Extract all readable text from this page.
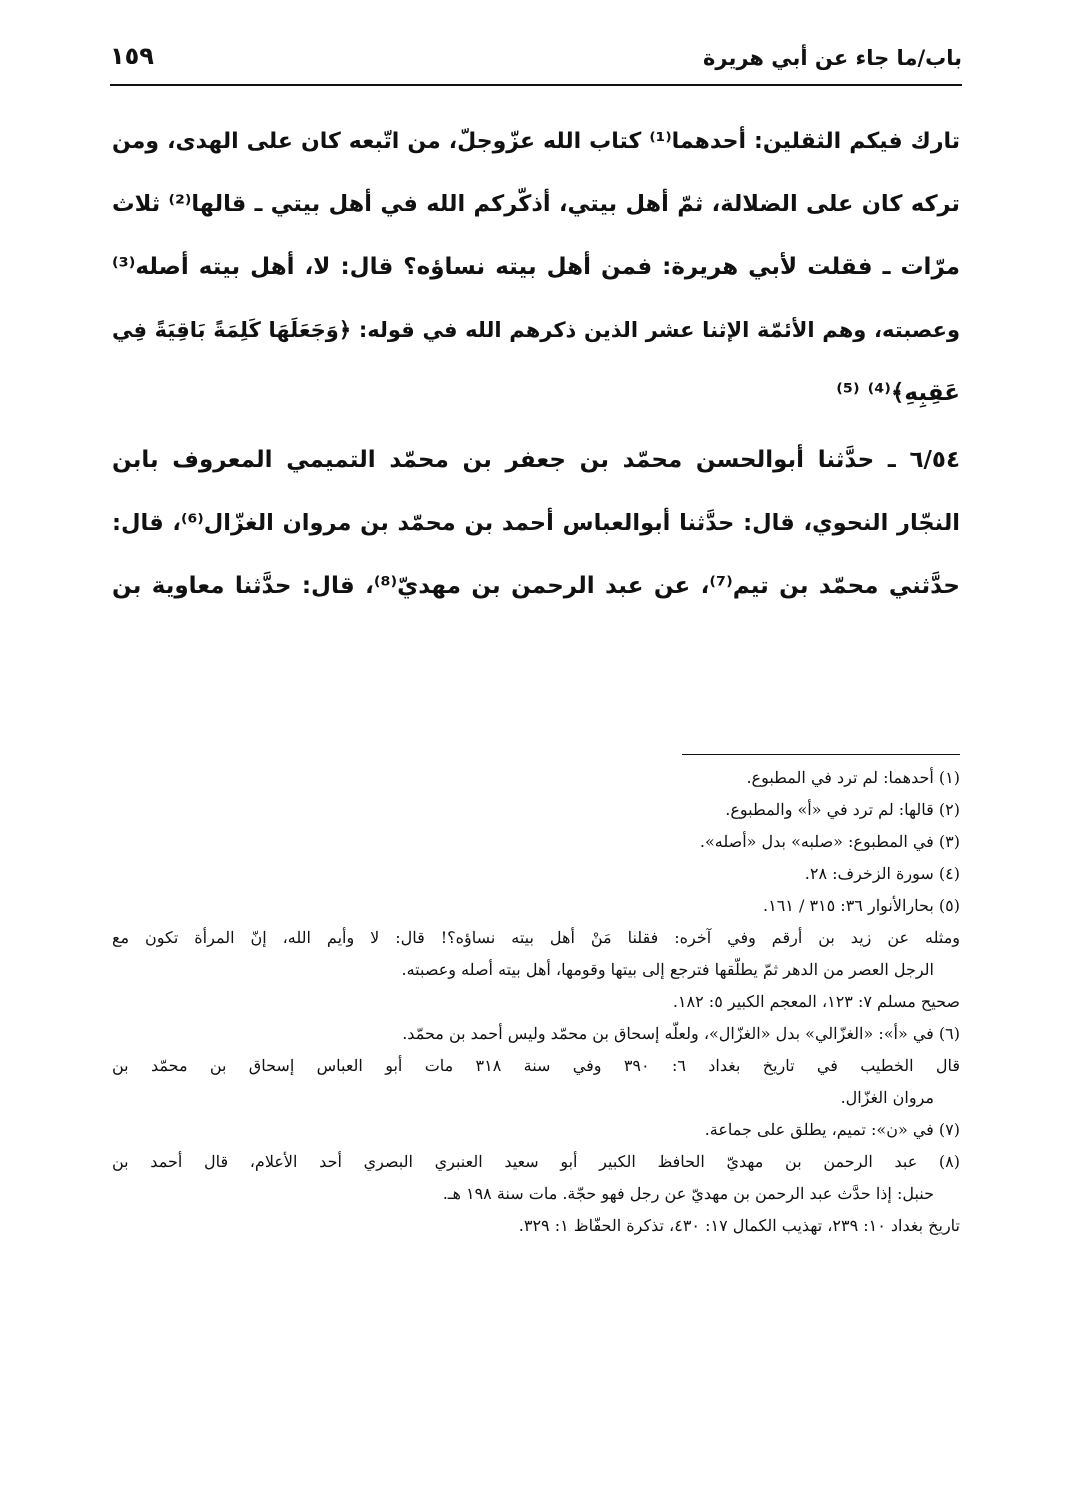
باب/ما جاء عن أبي هريرة
١٥٩
تارك فيكم الثقلين: أحدهما⁽¹⁾ كتاب الله عزّوجلّ، من اتّبعه كان على الهدى، ومن
تركه كان على الضلالة، ثمّ أهل بيتي، أذكّركم الله في أهل بيتي ـ قالها⁽²⁾ ثلاث
مرّات ـ فقلت لأبي هريرة: فمن أهل بيته نساؤه؟ قال: لا، أهل بيته أصله⁽³⁾
وعصبته، وهم الأئمّة الإثنا عشر الذين ذكرهم الله في قوله: ﴿وَجَعَلَهَا كَلِمَةً بَاقِيَةً فِي
عَقِبِهِ﴾⁽⁴⁾ ⁽⁵⁾
٦/٥٤ ـ حدَّثنا أبوالحسن محمّد بن جعفر بن محمّد التميمي المعروف بابن
النجّار النحوي، قال: حدَّثنا أبوالعباس أحمد بن محمّد بن مروان الغزّال⁽⁶⁾، قال:
حدَّثني محمّد بن تيم⁽⁷⁾، عن عبد الرحمن بن مهديّ⁽⁸⁾، قال: حدَّثنا معاوية بن
(١) أحدهما: لم ترد في المطبوع.
(٢) قالها: لم ترد في «أ» والمطبوع.
(٣) في المطبوع: «صلبه» بدل «أصله».
(٤) سورة الزخرف: ٢٨.
(٥) بحارالأنوار ٣٦: ٣١٥ / ١٦١.
ومثله عن زيد بن أرقم وفي آخره: فقلنا مَنْ أهل بيته نساؤه؟! قال: لا وأيم الله، إنّ المرأة تكون مع
الرجل العصر من الدهر ثمّ يطلّقها فترجع إلى بيتها وقومها، أهل بيته أصله وعصبته.
صحيح مسلم ٧: ١٢٣، المعجم الكبير ٥: ١٨٢.
(٦) في «أ»: «الغزّالي» بدل «الغزّال»، ولعلّه إسحاق بن محمّد وليس أحمد بن محمّد.
قال الخطيب في تاريخ بغداد ٦: ٣٩٠ وفي سنة ٣١٨ مات أبو العباس إسحاق بن محمّد بن
مروان الغزّال.
(٧) في «ن»: تميم، يطلق على جماعة.
(٨) عبد الرحمن بن مهديّ الحافظ الكبير أبو سعيد العنبري البصري أحد الأعلام، قال أحمد بن
حنبل: إذا حدَّث عبد الرحمن بن مهديّ عن رجل فهو حجّة. مات سنة ١٩٨ هـ.
تاريخ بغداد ١٠: ٢٣٩، تهذيب الكمال ١٧: ٤٣٠، تذكرة الحفّاظ ١: ٣٢٩.
